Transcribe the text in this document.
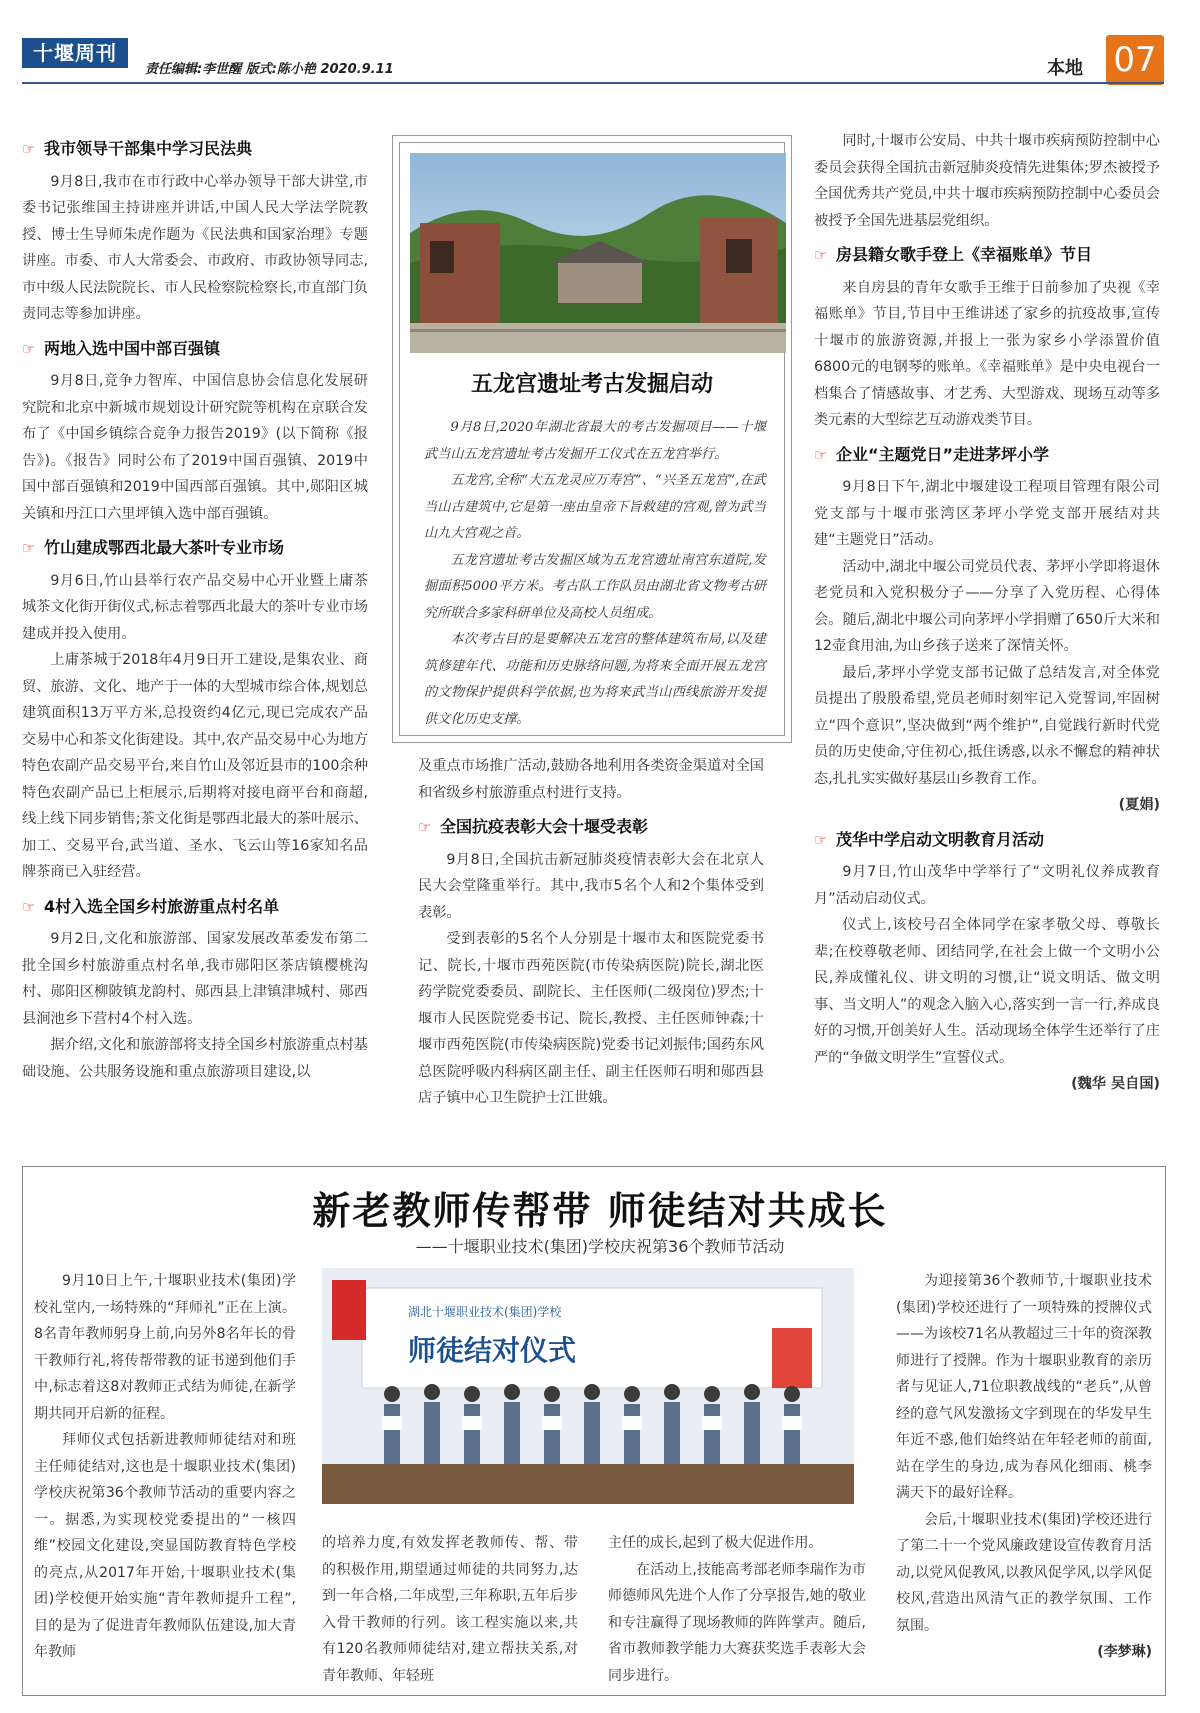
十堰周刊
责任编辑:李世醒 版式:陈小艳 2020.9.11	本地 07
☞ 我市领导干部集中学习民法典

9月8日,我市在市行政中心举办领导干部大讲堂,市委书记张维国主持讲座并讲话,中国人民大学法学院教授、博士生导师朱虎作题为《民法典和国家治理》专题讲座。市委、市人大常委会、市政府、市政协领导同志,市中级人民法院院长、市人民检察院检察长,市直部门负责同志等参加讲座。

☞ 两地入选中国中部百强镇

9月8日,竞争力智库、中国信息协会信息化发展研究院和北京中新城市规划设计研究院等机构在京联合发布了《中国乡镇综合竞争力报告2019》(以下简称《报告》)。《报告》同时公布了2019中国百强镇、2019中国中部百强镇和2019中国西部百强镇。其中,郧阳区城关镇和丹江口六里坪镇入选中部百强镇。

☞ 竹山建成鄂西北最大茶叶专业市场

9月6日,竹山县举行农产品交易中心开业暨上庸茶城茶文化街开街仪式,标志着鄂西北最大的茶叶专业市场建成并投入使用。

上庸茶城于2018年4月9日开工建设,是集农业、商贸、旅游、文化、地产于一体的大型城市综合体,规划总建筑面积13万平方米,总投资约4亿元,现已完成农产品交易中心和茶文化街建设。其中,农产品交易中心为地方特色农副产品交易平台,来自竹山及邻近县市的100余种特色农副产品已上柜展示,后期将对接电商平台和商超,线上线下同步销售;茶文化街是鄂西北最大的茶叶展示、加工、交易平台,武当道、圣水、飞云山等16家知名品牌茶商已入驻经营。

☞ 4村入选全国乡村旅游重点村名单

9月2日,文化和旅游部、国家发展改革委发布第二批全国乡村旅游重点村名单,我市郧阳区茶店镇樱桃沟村、郧阳区柳陂镇龙韵村、郧西县上津镇津城村、郧西县涧池乡下营村4个村入选。

据介绍,文化和旅游部将支持全国乡村旅游重点村基础设施、公共服务设施和重点旅游项目建设,以

五龙宫遗址考古发掘启动

9月8日,2020年湖北省最大的考古发掘项目——十堰武当山五龙宫遗址考古发掘开工仪式在五龙宫举行。

五龙宫,全称“大五龙灵应万寿宫”、“兴圣五龙宫”,在武当山古建筑中,它是第一座由皇帝下旨敕建的宫观,曾为武当山九大宫观之首。

五龙宫遗址考古发掘区域为五龙宫遗址南宫东道院,发掘面积5000平方米。考古队工作队员由湖北省文物考古研究所联合多家科研单位及高校人员组成。

本次考古目的是要解决五龙宫的整体建筑布局,以及建筑修建年代、功能和历史脉络问题,为将来全面开展五龙宫的文物保护提供科学依据,也为将来武当山西线旅游开发提供文化历史支撑。

及重点市场推广活动,鼓励各地利用各类资金渠道对全国和省级乡村旅游重点村进行支持。

☞ 全国抗疫表彰大会十堰受表彰

9月8日,全国抗击新冠肺炎疫情表彰大会在北京人民大会堂隆重举行。其中,我市5名个人和2个集体受到表彰。

受到表彰的5名个人分别是十堰市太和医院党委书记、院长,十堰市西苑医院(市传染病医院)院长,湖北医药学院党委委员、副院长、主任医师(二级岗位)罗杰;十堰市人民医院党委书记、院长,教授、主任医师钟森;十堰市西苑医院(市传染病医院)党委书记刘振伟;国药东风总医院呼吸内科病区副主任、副主任医师石明和郧西县店子镇中心卫生院护士江世娥。

同时,十堰市公安局、中共十堰市疾病预防控制中心委员会获得全国抗击新冠肺炎疫情先进集体;罗杰被授予全国优秀共产党员,中共十堰市疾病预防控制中心委员会被授予全国先进基层党组织。

☞ 房县籍女歌手登上《幸福账单》节目

来自房县的青年女歌手王维于日前参加了央视《幸福账单》节目,节目中王维讲述了家乡的抗疫故事,宣传十堰市的旅游资源,并报上一张为家乡小学添置价值6800元的电钢琴的账单。《幸福账单》是中央电视台一档集合了情感故事、才艺秀、大型游戏、现场互动等多类元素的大型综艺互动游戏类节目。

☞ 企业“主题党日”走进茅坪小学

9月8日下午,湖北中堰建设工程项目管理有限公司党支部与十堰市张湾区茅坪小学党支部开展结对共建“主题党日”活动。

活动中,湖北中堰公司党员代表、茅坪小学即将退休老党员和入党积极分子——分享了入党历程、心得体会。随后,湖北中堰公司向茅坪小学捐赠了650斤大米和12壶食用油,为山乡孩子送来了深情关怀。

最后,茅坪小学党支部书记做了总结发言,对全体党员提出了殷殷希望,党员老师时刻牢记入党誓词,牢固树立“四个意识”,坚决做到“两个维护”,自觉践行新时代党员的历史使命,守住初心,抵住诱惑,以永不懈怠的精神状态,扎扎实实做好基层山乡教育工作。

(夏娟)

☞ 茂华中学启动文明教育月活动

9月7日,竹山茂华中学举行了“文明礼仪养成教育月”活动启动仪式。

仪式上,该校号召全体同学在家孝敬父母、尊敬长辈;在校尊敬老师、团结同学,在社会上做一个文明小公民,养成懂礼仪、讲文明的习惯,让“说文明话、做文明事、当文明人”的观念入脑入心,落实到一言一行,养成良好的习惯,开创美好人生。活动现场全体学生还举行了庄严的“争做文明学生”宣誓仪式。

(魏华 吴自国)

新老教师传帮带 师徒结对共成长
——十堰职业技术(集团)学校庆祝第36个教师节活动
湖北十堰职业技术(集团)学校
师徒结对仪式

9月10日上午,十堰职业技术(集团)学校礼堂内,一场特殊的“拜师礼”正在上演。8名青年教师躬身上前,向另外8名年长的骨干教师行礼,将传帮带教的证书递到他们手中,标志着这8对教师正式结为师徒,在新学期共同开启新的征程。

拜师仪式包括新进教师师徒结对和班主任师徒结对,这也是十堰职业技术(集团)学校庆祝第36个教师节活动的重要内容之一。据悉,为实现校党委提出的“一核四维”校园文化建设,突显国防教育特色学校的亮点,从2017年开始,十堰职业技术(集团)学校便开始实施“青年教师提升工程”,目的是为了促进青年教师队伍建设,加大青年教师

的培养力度,有效发挥老教师传、帮、带的积极作用,期望通过师徒的共同努力,达到一年合格,二年成型,三年称职,五年后步入骨干教师的行列。该工程实施以来,共有120名教师师徒结对,建立帮扶关系,对青年教师、年轻班

主任的成长,起到了极大促进作用。

在活动上,技能高考部老师李瑞作为市师德师风先进个人作了分享报告,她的敬业和专注赢得了现场教师的阵阵掌声。随后,省市教师教学能力大赛获奖选手表彰大会同步进行。

为迎接第36个教师节,十堰职业技术(集团)学校还进行了一项特殊的授牌仪式——为该校71名从教超过三十年的资深教师进行了授牌。作为十堰职业教育的亲历者与见证人,71位职教战线的“老兵”,从曾经的意气风发激扬文字到现在的华发早生年近不惑,他们始终站在年轻老师的前面,站在学生的身边,成为春风化细雨、桃李满天下的最好诠释。

会后,十堰职业技术(集团)学校还进行了第二十一个党风廉政建设宣传教育月活动,以党风促教风,以教风促学风,以学风促校风,营造出风清气正的教学氛围、工作氛围。

(李梦琳)
